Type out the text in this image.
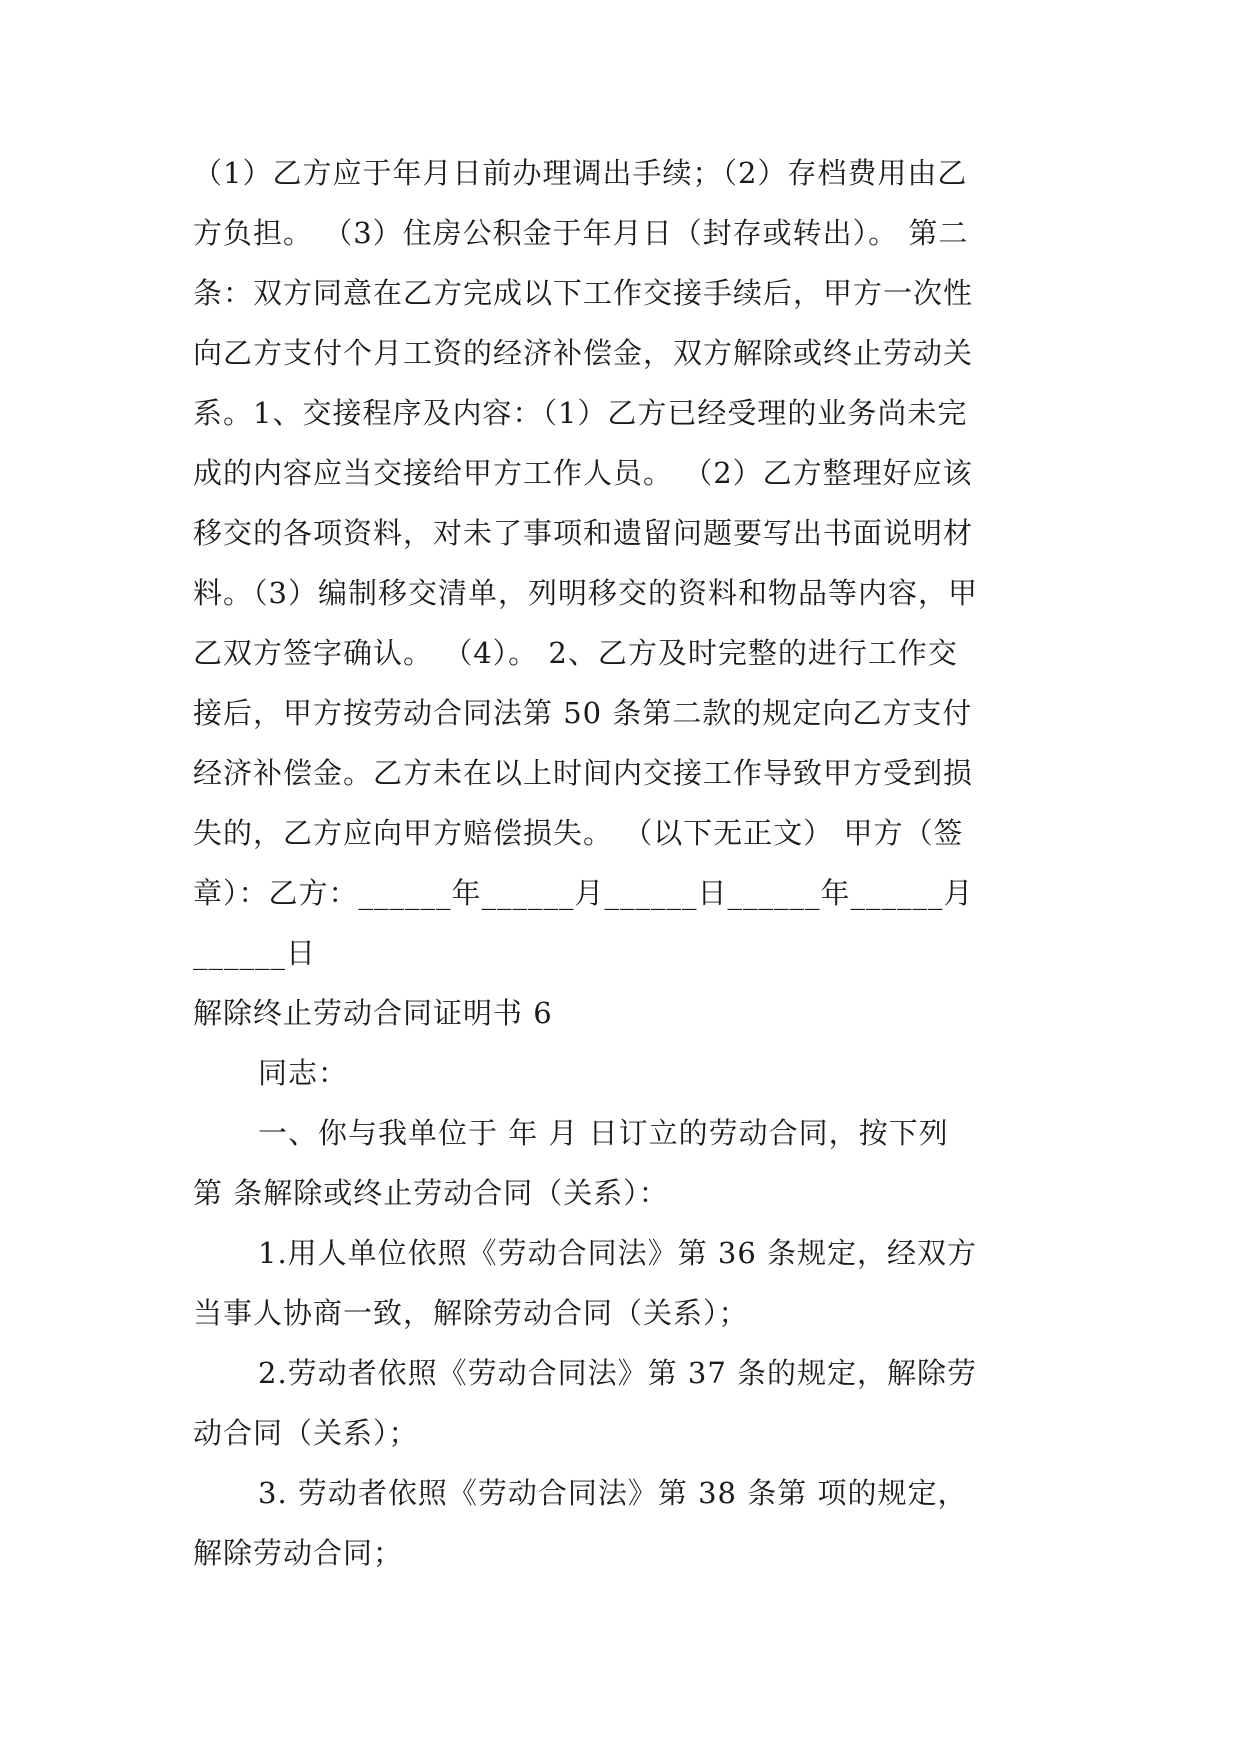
（1）乙方应于年月日前办理调出手续；（2）存档费用由乙
方负担。 （3）住房公积金于年月日（封存或转出）。 第二
条：双方同意在乙方完成以下工作交接手续后，甲方一次性
向乙方支付个月工资的经济补偿金，双方解除或终止劳动关
系。1、交接程序及内容：（1）乙方已经受理的业务尚未完
成的内容应当交接给甲方工作人员。 （2）乙方整理好应该
移交的各项资料，对未了事项和遗留问题要写出书面说明材
料。（3）编制移交清单，列明移交的资料和物品等内容，甲
乙双方签字确认。 （4）。 2、乙方及时完整的进行工作交
接后，甲方按劳动合同法第 50 条第二款的规定向乙方支付
经济补偿金。乙方未在以上时间内交接工作导致甲方受到损
失的，乙方应向甲方赔偿损失。 （以下无正文） 甲方（签
章）：乙方：______年______月______日______年______月
______日
解除终止劳动合同证明书 6
同志：
一、你与我单位于 年 月 日订立的劳动合同，按下列
第 条解除或终止劳动合同（关系）：
1.用人单位依照《劳动合同法》第 36 条规定，经双方
当事人协商一致，解除劳动合同（关系）；
2.劳动者依照《劳动合同法》第 37 条的规定，解除劳
动合同（关系）；
3. 劳动者依照《劳动合同法》第 38 条第 项的规定，
解除劳动合同；
